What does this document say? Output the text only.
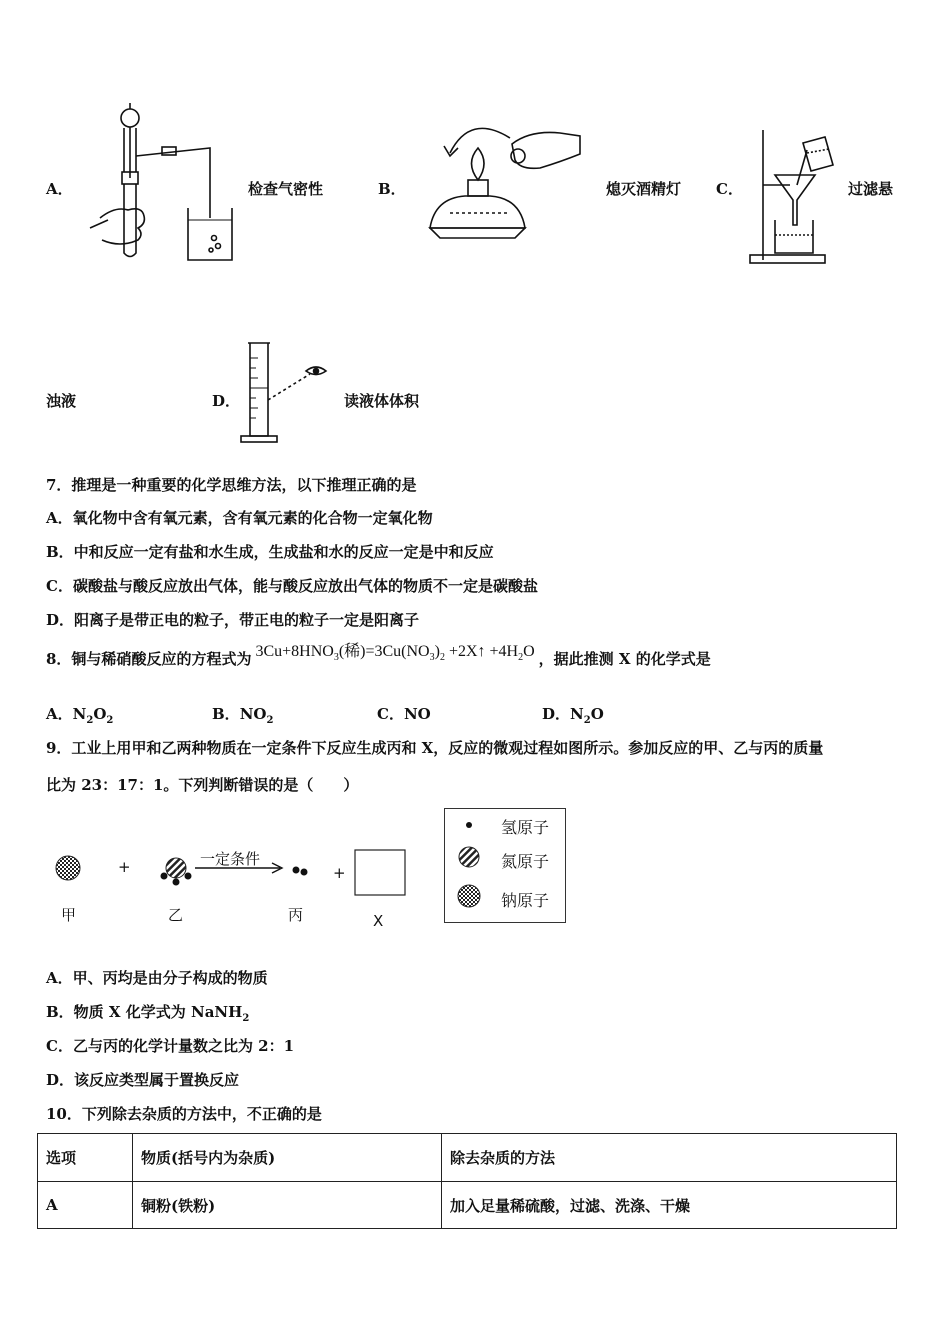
A．	检查气密性	B．	熄灭酒精灯 C．	过滤悬
浊液	D．	读液体体积
7．推理是一种重要的化学思维方法，以下推理正确的是
A．氧化物中含有氧元素，含有氧元素的化合物一定氧化物
B．中和反应一定有盐和水生成，生成盐和水的反应一定是中和反应
C．碳酸盐与酸反应放出气体，能与酸反应放出气体的物质不一定是碳酸盐
D．阳离子是带正电的粒子，带正电的粒子一定是阳离子
8．铜与稀硝酸反应的方程式为 $3Cu+8HNO_3$(稀)$=3Cu(NO_3)_2$ +2X↑ $+4H_2O$ ，据此推测 X 的化学式是
A．$N_2O_2$	B．$NO_2$	C．NO	D．$N_2O$
9．工业上用甲和乙两种物质在一定条件下反应生成丙和 X，反应的微观过程如图所示。参加反应的甲、乙与丙的质量
比为 23：17：1。下列判断错误的是（　　）
+	+
一定条件
甲	乙	丙	X
氢原子
氮原子
钠原子
A．甲、丙均是由分子构成的物质
B．物质 X 化学式为 NaNH$_2$
C．乙与丙的化学计量数之比为 2：1
D．该反应类型属于置换反应
10．下列除去杂质的方法中，不正确的是
选项	物质(括号内为杂质)	除去杂质的方法
A	铜粉(铁粉)	加入足量稀硫酸，过滤、洗涤、干燥
